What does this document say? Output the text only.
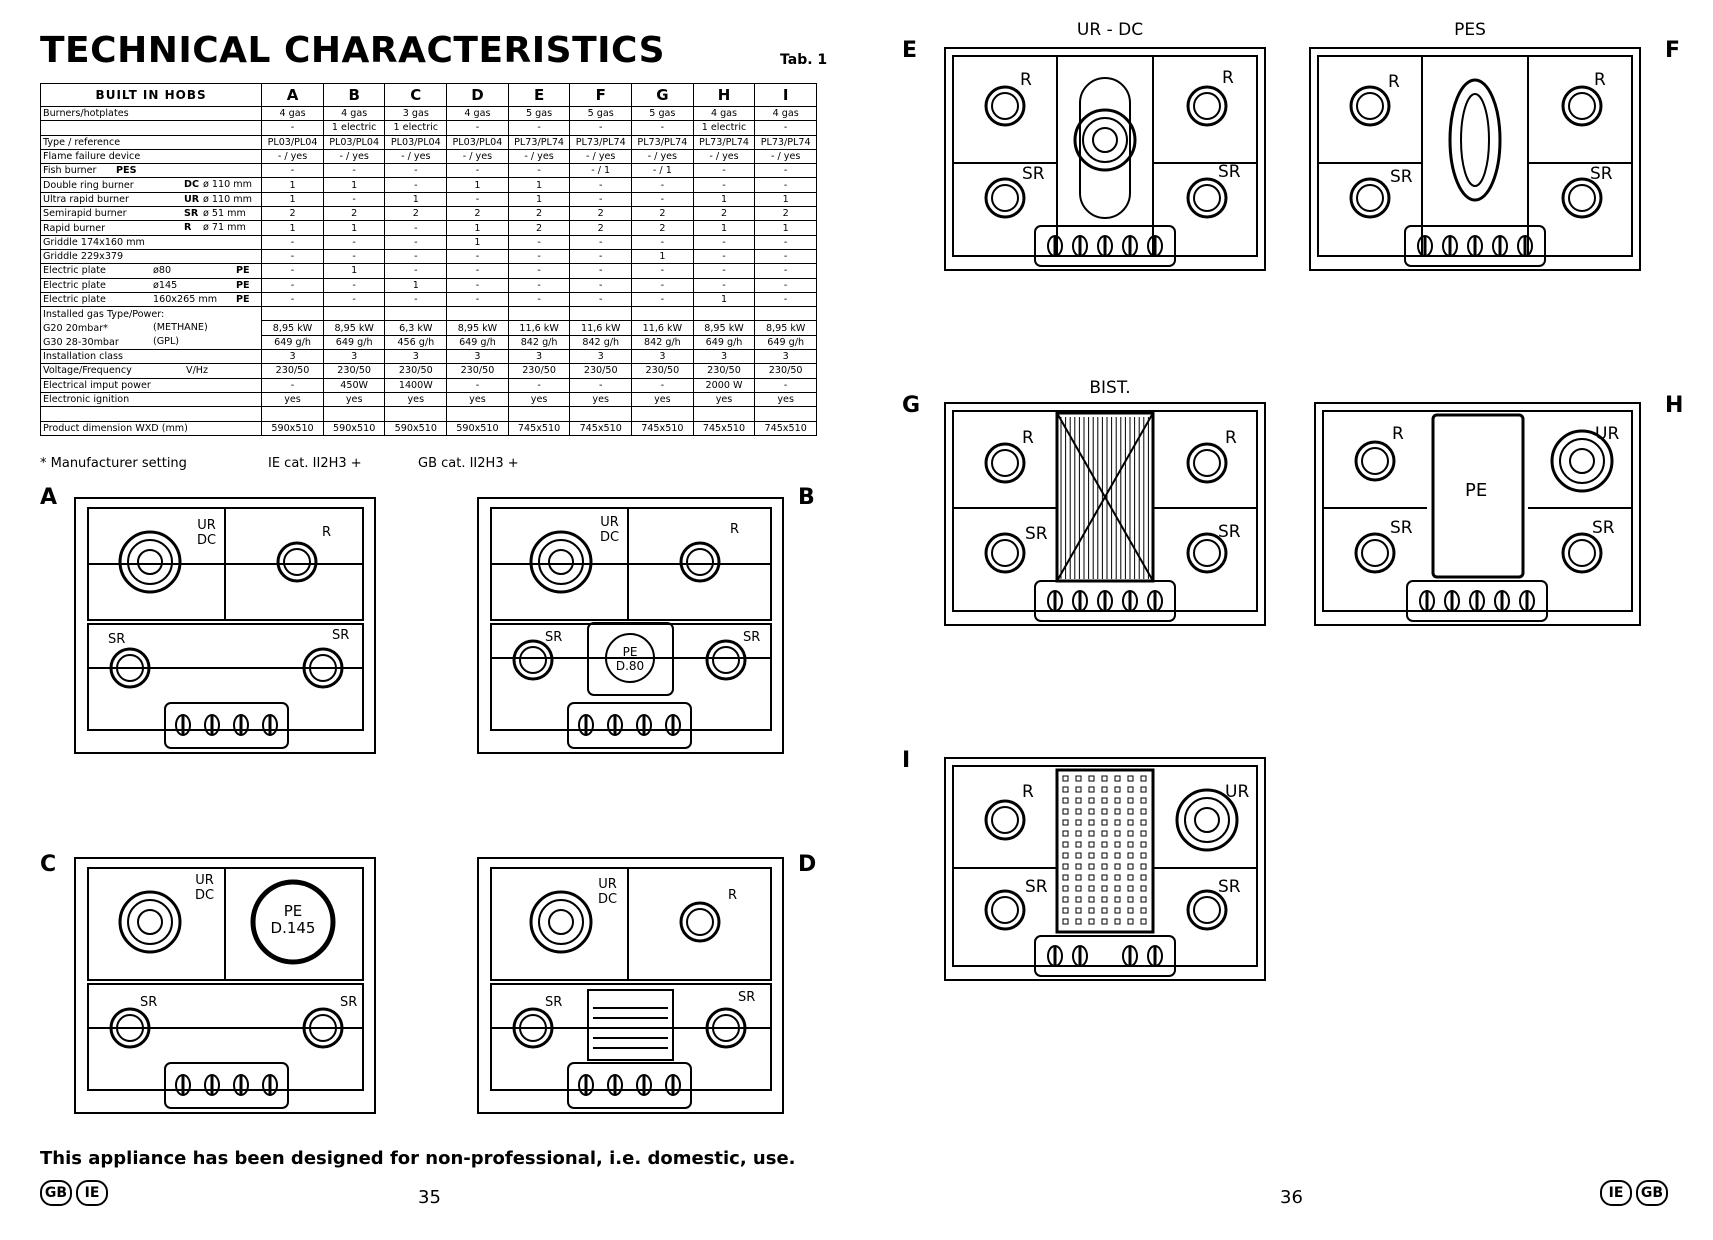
TECHNICAL CHARACTERISTICS	Tab. 1
BUILT IN HOBS	A	B	C	D	E	F	G	H	I
Burners/hotplates	4 gas	4 gas	3 gas	4 gas	5 gas	5 gas	5 gas	4 gas	4 gas
	-	1 electric	1 electric	-	-	-	-	1 electric	-
Type / reference	PL03/PL04	PL03/PL04	PL03/PL04	PL03/PL04	PL73/PL74	PL73/PL74	PL73/PL74	PL73/PL74	PL73/PL74
Flame failure device	- / yes	- / yes	- / yes	- / yes	- / yes	- / yes	- / yes	- / yes	- / yes
Fish burner PES	-	-	-	-	-	- / 1	- / 1	-	-
Double ring burner DC ø 110 mm	1	1	-	1	1	-	-	-	-
Ultra rapid burner UR ø 110 mm	1	-	1	-	1	-	-	1	1
Semirapid burner SR ø 51 mm	2	2	2	2	2	2	2	2	2
Rapid burner R ø 71 mm	1	1	-	1	2	2	2	1	1
Griddle 174x160 mm	-	-	-	1	-	-	-	-	-
Griddle 229x379	-	-	-	-	-	-	1	-	-
Electric plate ø80 PE	-	1	-	-	-	-	-	-	-
Electric plate ø145 PE	-	-	1	-	-	-	-	-	-
Electric plate 160x265 mm PE	-	-	-	-	-	-	-	1	-
Installed gas Type/Power:									
G20 20mbar* (METHANE)	8,95 kW	8,95 kW	6,3 kW	8,95 kW	11,6 kW	11,6 kW	11,6 kW	8,95 kW	8,95 kW
G30 28-30mbar (GPL)	649 g/h	649 g/h	456 g/h	649 g/h	842 g/h	842 g/h	842 g/h	649 g/h	649 g/h
Installation class	3	3	3	3	3	3	3	3	3
Voltage/Frequency V/Hz	230/50	230/50	230/50	230/50	230/50	230/50	230/50	230/50	230/50
Electrical imput power	-	450W	1400W	-	-	-	-	2000 W	-
Electronic ignition	yes	yes	yes	yes	yes	yes	yes	yes	yes

Product dimension WXD (mm)	590x510	590x510	590x510	590x510	745x510	745x510	745x510	745x510	745x510
* Manufacturer setting	IE cat. II2H3 +	GB cat. II2H3 +
A	B
C	D
E	F
G	H
I
UR - DC	PES
BIST.
UR
DC
R
SR	SR
UR
DC
R
SR	SR
PE
D.80
UR
DC
PE
D.145
SR	SR
UR
DC	R
SR	SR
R	R
SR	SR
R	R
SR	SR
R	R
SR	SR
R	UR
PE
SR	SR
R	UR
SR	SR
This appliance has been designed for non-professional, i.e. domestic, use.
GB IE	35	36	IE GB
